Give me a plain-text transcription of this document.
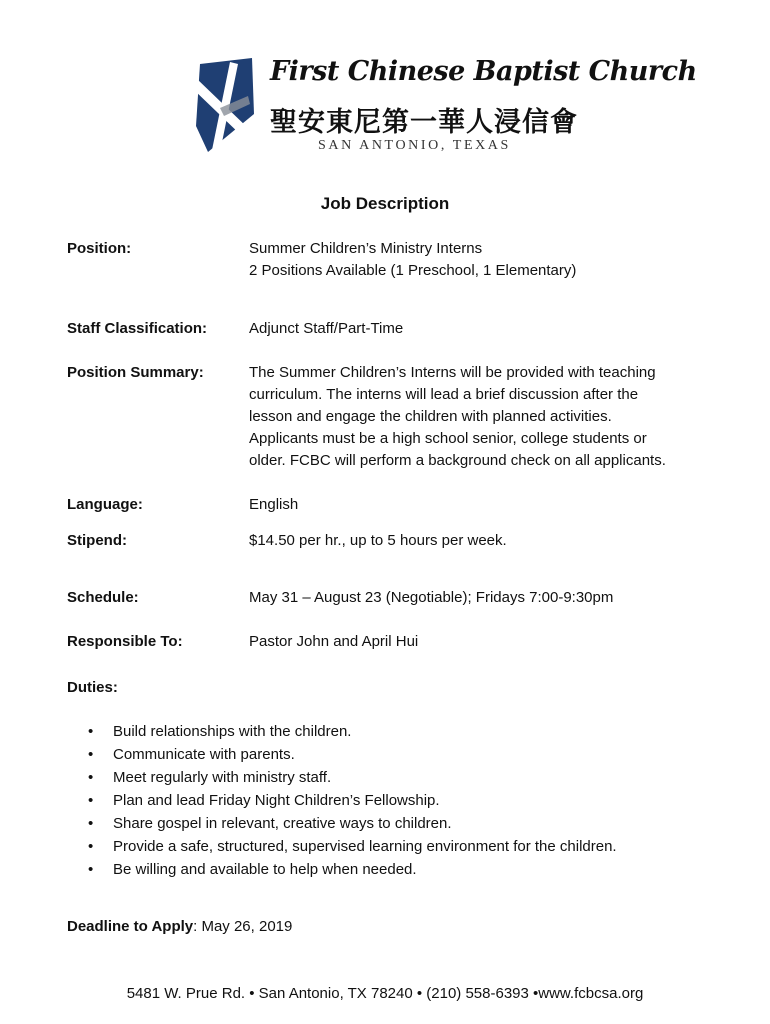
First Chinese Baptist Church
聖安東尼第一華人浸信會
SAN ANTONIO, TEXAS
Job Description
Position:	Summer Children’s Ministry Interns
2 Positions Available (1 Preschool, 1 Elementary)
Staff Classification:	Adjunct Staff/Part-Time
Position Summary:	The Summer Children’s Interns will be provided with teaching
curriculum. The interns will lead a brief discussion after the
lesson and engage the children with planned activities.
Applicants must be a high school senior, college students or
older. FCBC will perform a background check on all applicants.
Language:	English
Stipend:	$14.50 per hr., up to 5 hours per week.
Schedule:	May 31 – August 23 (Negotiable); Fridays 7:00-9:30pm
Responsible To:	Pastor John and April Hui
Duties:
• Build relationships with the children.
• Communicate with parents.
• Meet regularly with ministry staff.
• Plan and lead Friday Night Children’s Fellowship.
• Share gospel in relevant, creative ways to children.
• Provide a safe, structured, supervised learning environment for the children.
• Be willing and available to help when needed.
Deadline to Apply: May 26, 2019
5481 W. Prue Rd. • San Antonio, TX 78240 • (210) 558-6393 •www.fcbcsa.org
